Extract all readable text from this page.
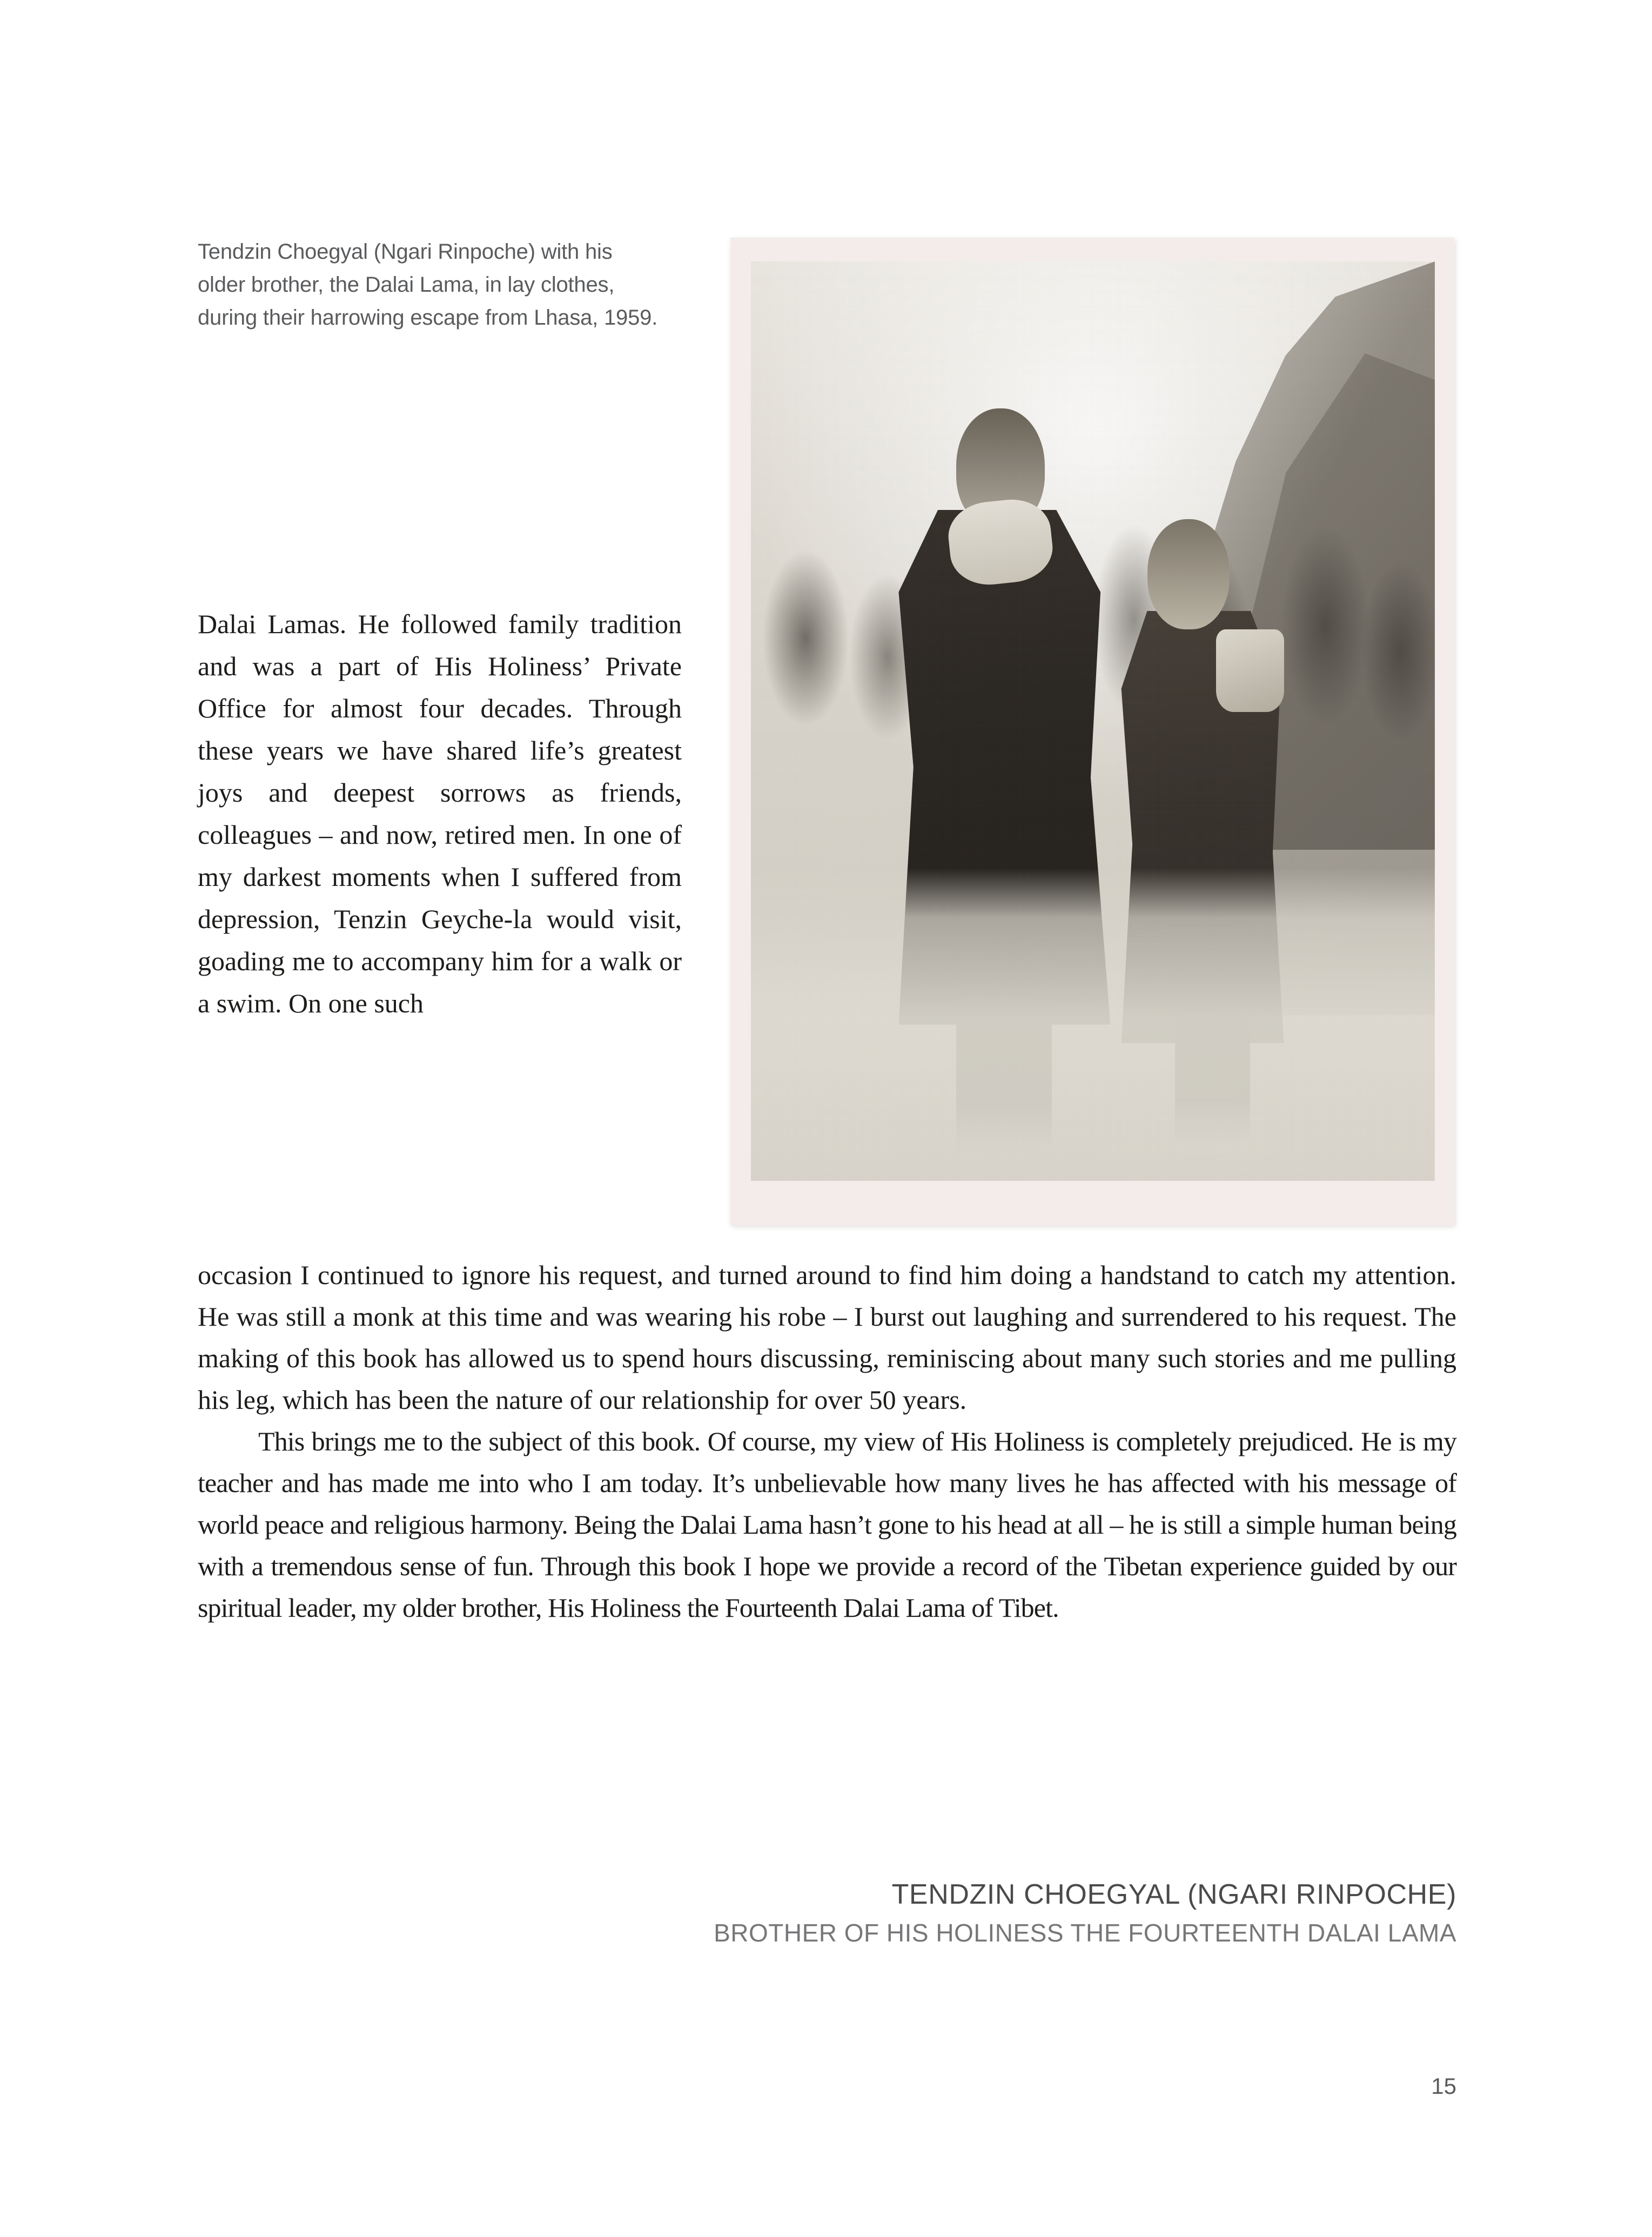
Tendzin Choegyal (Ngari Rinpoche) with his older brother, the Dalai Lama, in lay clothes, during their harrowing escape from Lhasa, 1959.
Dalai Lamas. He followed family tradition and was a part of His Holiness’ Private Office for almost four decades. Through these years we have shared life’s greatest joys and deepest sorrows as friends, colleagues – and now, retired men. In one of my darkest moments when I suffered from depression, Tenzin Geyche-la would visit, goading me to accompany him for a walk or a swim. On one such

occasion I continued to ignore his request, and turned around to find him doing a handstand to catch my attention. He was still a monk at this time and was wearing his robe – I burst out laughing and surrendered to his request. The making of this book has allowed us to spend hours discussing, reminiscing about many such stories and me pulling his leg, which has been the nature of our relationship for over 50 years.

This brings me to the subject of this book. Of course, my view of His Holiness is completely prejudiced. He is my teacher and has made me into who I am today. It’s unbelievable how many lives he has affected with his message of world peace and religious harmony. Being the Dalai Lama hasn’t gone to his head at all – he is still a simple human being with a tremendous sense of fun. Through this book I hope we provide a record of the Tibetan experience guided by our spiritual leader, my older brother, His Holiness the Fourteenth Dalai Lama of Tibet.

TENDZIN CHOEGYAL (NGARI RINPOCHE)
BROTHER OF HIS HOLINESS THE FOURTEENTH DALAI LAMA
15
